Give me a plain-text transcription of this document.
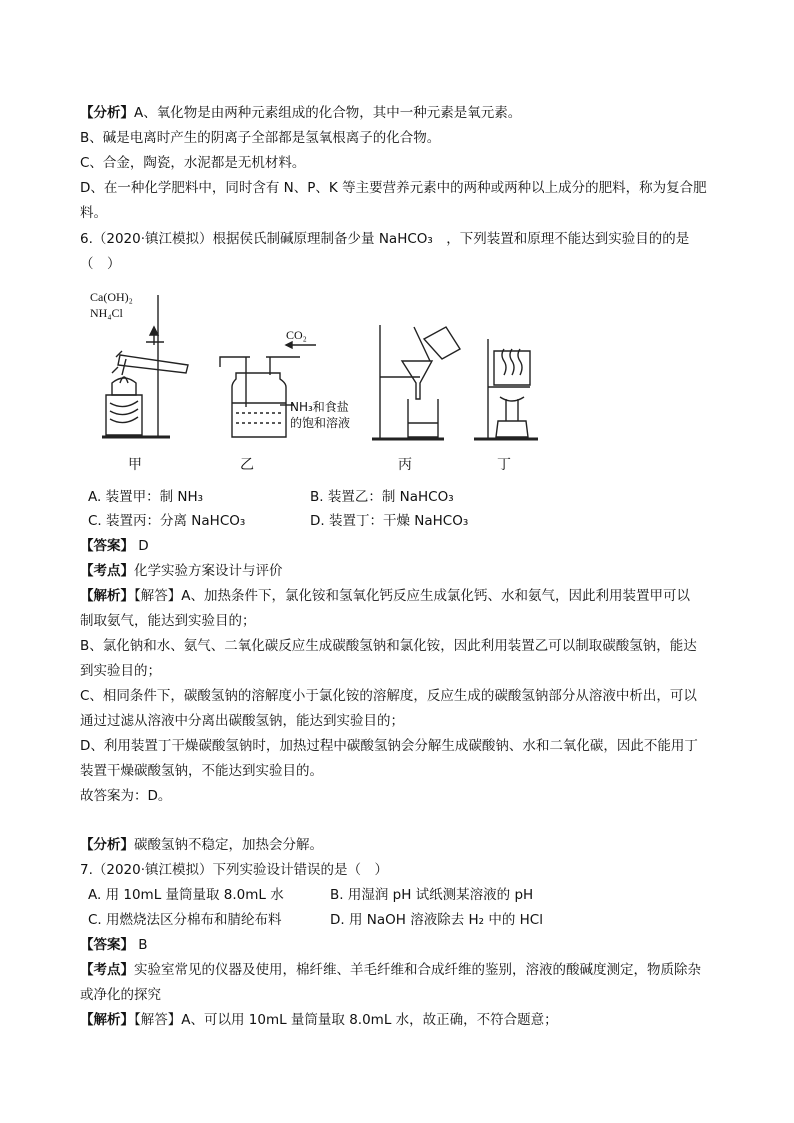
【分析】A、氧化物是由两种元素组成的化合物，其中一种元素是氧元素。
B、碱是电离时产生的阴离子全部都是氢氧根离子的化合物。
C、合金，陶瓷，水泥都是无机材料。
D、在一种化学肥料中，同时含有 N、P、K 等主要营养元素中的两种或两种以上成分的肥料，称为复合肥
料。
6.（2020·镇江模拟）根据侯氏制碱原理制备少量 NaHCO₃　，下列装置和原理不能达到实验目的的是
（　）
Ca(OH)₂
NH₄Cl
CO₂
NH₃和食盐
的饱和溶液
甲	乙	丙	丁
A. 装置甲：制 NH₃	B. 装置乙：制 NaHCO₃
C. 装置丙：分离 NaHCO₃	D. 装置丁：干燥 NaHCO₃
【答案】 D
【考点】化学实验方案设计与评价
【解析】【解答】A、加热条件下，氯化铵和氢氧化钙反应生成氯化钙、水和氨气，因此利用装置甲可以
制取氨气，能达到实验目的；
B、氯化钠和水、氨气、二氧化碳反应生成碳酸氢钠和氯化铵，因此利用装置乙可以制取碳酸氢钠，能达
到实验目的；
C、相同条件下，碳酸氢钠的溶解度小于氯化铵的溶解度，反应生成的碳酸氢钠部分从溶液中析出，可以
通过过滤从溶液中分离出碳酸氢钠，能达到实验目的；
D、利用装置丁干燥碳酸氢钠时，加热过程中碳酸氢钠会分解生成碳酸钠、水和二氧化碳，因此不能用丁
装置干燥碳酸氢钠，不能达到实验目的。
故答案为：D。
【分析】碳酸氢钠不稳定，加热会分解。
7.（2020·镇江模拟）下列实验设计错误的是（　）
A. 用 10mL 量筒量取 8.0mL 水	B. 用湿润 pH 试纸测某溶液的 pH
C. 用燃烧法区分棉布和腈纶布料	D. 用 NaOH 溶液除去 H₂ 中的 HCl
【答案】 B
【考点】实验室常见的仪器及使用，棉纤维、羊毛纤维和合成纤维的鉴别，溶液的酸碱度测定，物质除杂
或净化的探究
【解析】【解答】A、可以用 10mL 量筒量取 8.0mL 水，故正确，不符合题意；
